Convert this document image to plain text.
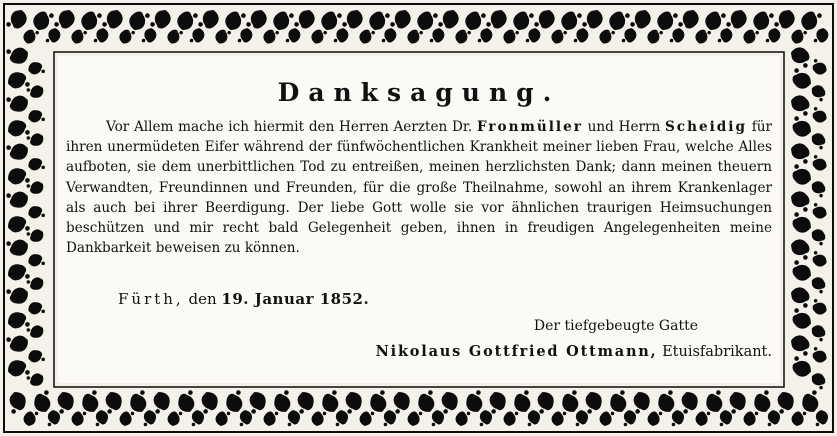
Danksagung.
Vor Allem mache ich hiermit den Herren Aerzten Dr. Fronmüller und Herrn Scheidig für ihren unermüdeten Eifer während der fünfwöchentlichen Krankheit meiner lieben Frau, welche Alles aufboten, sie dem unerbittlichen Tod zu entreißen, meinen herzlichsten Dank; dann meinen theuern Verwandten, Freundinnen und Freunden, für die große Theilnahme, sowohl an ihrem Krankenlager als auch bei ihrer Beerdigung. Der liebe Gott wolle sie vor ähnlichen traurigen Heimsuchungen beschützen und mir recht bald Gelegenheit geben, ihnen in freudigen Angelegenheiten meine Dankbarkeit beweisen zu können.
Fürth, den 19. Januar 1852.
Der tiefgebeugte Gatte
Nikolaus Gottfried Ottmann, Etuisfabrikant.
